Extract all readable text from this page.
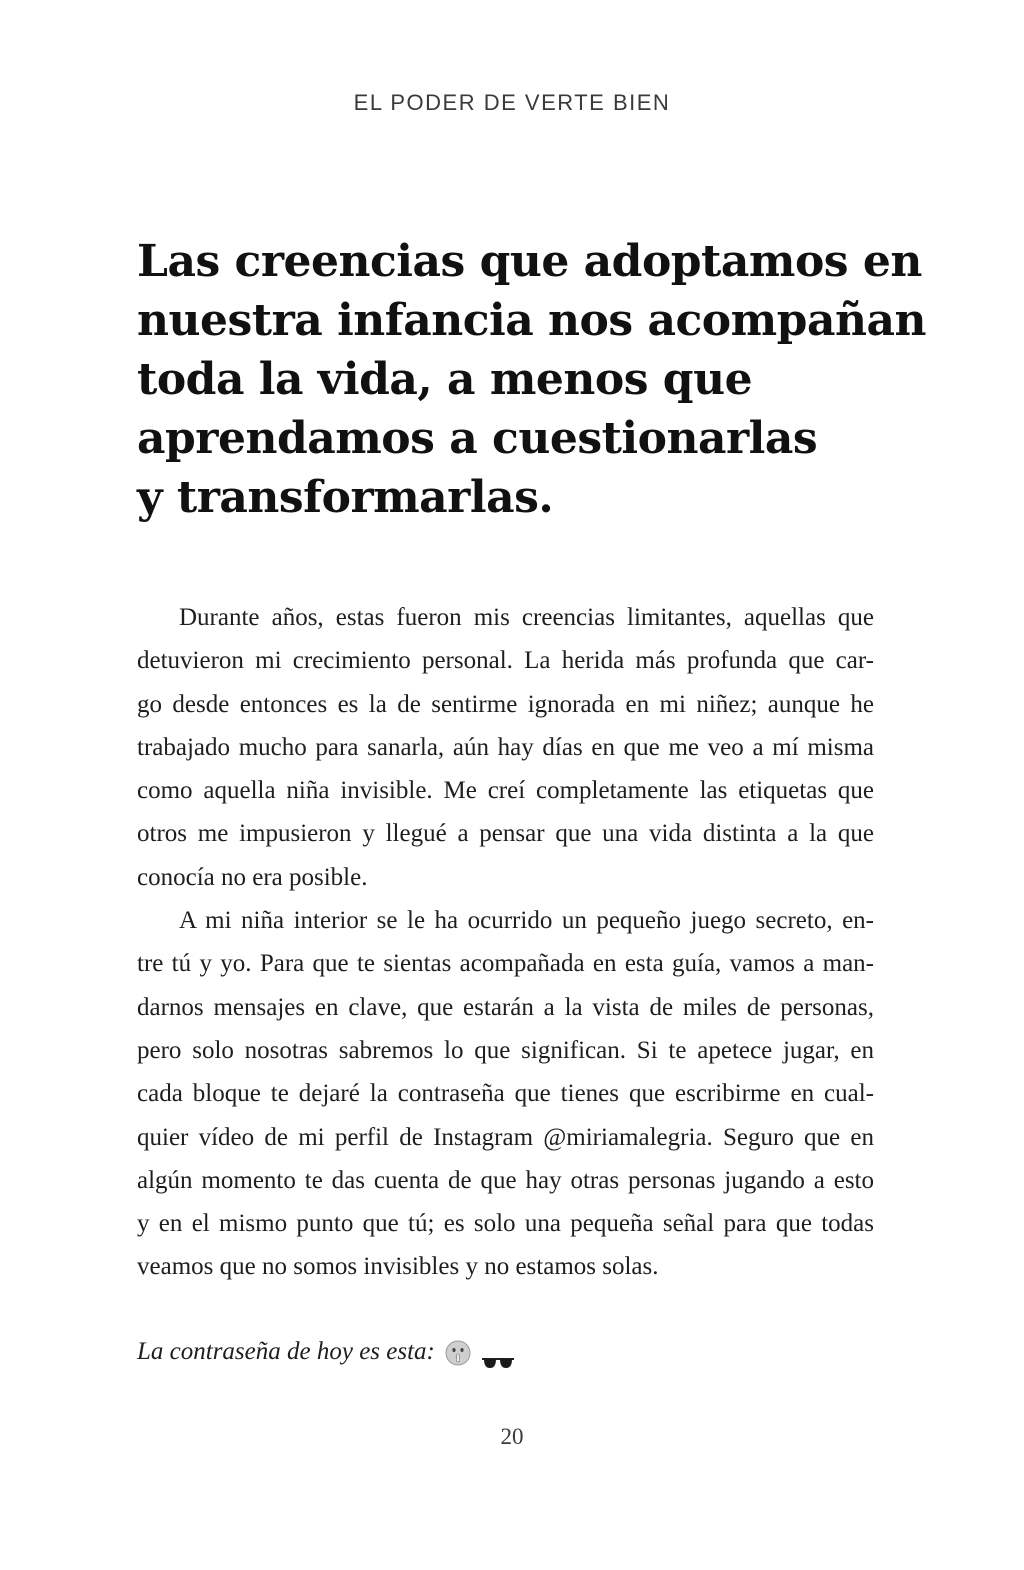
EL PODER DE VERTE BIEN
Las creencias que adoptamos en
nuestra infancia nos acompañan
toda la vida, a menos que
aprendamos a cuestionarlas
y transformarlas.

Durante años, estas fueron mis creencias limitantes, aquellas que
detuvieron mi crecimiento personal. La herida más profunda que car-
go desde entonces es la de sentirme ignorada en mi niñez; aunque he
trabajado mucho para sanarla, aún hay días en que me veo a mí misma
como aquella niña invisible. Me creí completamente las etiquetas que
otros me impusieron y llegué a pensar que una vida distinta a la que
conocía no era posible.

A mi niña interior se le ha ocurrido un pequeño juego secreto, en-
tre tú y yo. Para que te sientas acompañada en esta guía, vamos a man-
darnos mensajes en clave, que estarán a la vista de miles de personas,
pero solo nosotras sabremos lo que significan. Si te apetece jugar, en
cada bloque te dejaré la contraseña que tienes que escribirme en cual-
quier vídeo de mi perfil de Instagram @miriamalegria. Seguro que en
algún momento te das cuenta de que hay otras personas jugando a esto
y en el mismo punto que tú; es solo una pequeña señal para que todas
veamos que no somos invisibles y no estamos solas.

La contraseña de hoy es esta:
20
